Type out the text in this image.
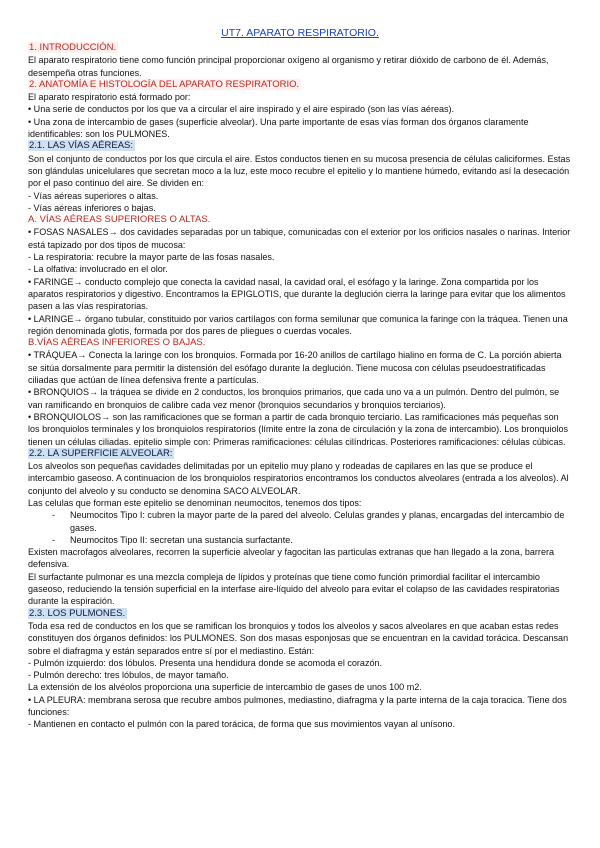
UT7. APARATO RESPIRATORIO.
1. INTRODUCCIÓN.

El aparato respiratorio tiene como función principal proporcionar oxígeno al organismo y retirar dióxido de carbono de él. Además, desempeña otras funciones.

2. ANATOMÍA E HISTOLOGÍA DEL APARATO RESPIRATORIO.

El aparato respiratorio está formado por:

• Una serie de conductos por los que va a circular el aire inspirado y el aire espirado (son las vías aéreas).

• Una zona de intercambio de gases (superficie alveolar). Una parte importante de esas vías forman dos órganos claramente identificables: son los PULMONES.

2.1. LAS VÍAS AÉREAS:

Son el conjunto de conductos por los que circula el aire. Estos conductos tienen en su mucosa presencia de células caliciformes. Estas son glándulas unicelulares que secretan moco a la luz, este moco recubre el epitelio y lo mantiene húmedo, evitando así la desecación por el paso continuo del aire. Se dividen en:

- Vías aéreas superiores o altas.

- Vías aéreas inferiores o bajas.

A. VÍAS AÉREAS SUPERIORES O ALTAS.

• FOSAS NASALES→ dos cavidades separadas por un tabique, comunicadas con el exterior por los orificios nasales o narinas. Interior está tapizado por dos tipos de mucosa:

- La respiratoria: recubre la mayor parte de las fosas nasales.

- La olfativa: involucrado en el olor.

• FARINGE→ conducto complejo que conecta la cavidad nasal, la cavidad oral, el esófago y la laringe. Zona compartida por los aparatos respiratorios y digestivo. Encontramos la EPIGLOTIS, que durante la deglución cierra la laringe para evitar que los alimentos pasen a las vías respiratorias.

• LARINGE→ órgano tubular, constituido por varios cartílagos con forma semilunar que comunica la faringe con la tráquea. Tienen una región denominada glotis, formada por dos pares de pliegues o cuerdas vocales.

B.VÍAS AÉREAS INFERIORES O BAJAS.

• TRÁQUEA→ Conecta la laringe con los bronquios. Formada por 16-20 anillos de cartílago hialino en forma de C. La porción abierta se sitúa dorsalmente para permitir la distensión del esófago durante la deglución. Tiene mucosa con células pseudoestratificadas ciliadas que actúan de línea defensiva frente a partículas.

• BRONQUIOS→ la tráquea se divide en 2 conductos, los bronquios primarios, que cada uno va a un pulmón. Dentro del pulmón, se van ramificando en bronquios de calibre cada vez menor (bronquios secundarios y bronquios terciarios).

• BRONQUIOLOS→ son las ramificaciones que se forman a partir de cada bronquio terciario. Las ramificaciones más pequeñas son los bronquiolos terminales y los bronquiolos respiratorios (límite entre la zona de circulación y la zona de intercambio). Los bronquiolos tienen un células ciliadas. epitelio simple con: Primeras ramificaciones: células cilíndricas. Posteriores ramificaciones: células cúbicas.

2.2. LA SUPERFICIE ALVEOLAR:

Los alveolos son pequeñas cavidades delimitadas por un epitelio muy plano y rodeadas de capilares en las que se produce el intercambio gaseoso. A continuacion de los bronquiolos respiratorios encontramos los conductos alveolares (entrada a los alveolos). Al conjunto del alveolo y su conducto se denomina SACO ALVEOLAR.

Las celulas que forman este epitelio se denominan neumocitos, tenemos dos tipos:

- Neumocitos Tipo I: cubren la mayor parte de la pared del alveolo. Celulas grandes y planas, encargadas del intercambio de gases.

- Neumocitos Tipo II: secretan una sustancia surfactante.

Existen macrofagos alveolares, recorren la superficie alveolar y fagocitan las particulas extranas que han llegado a la zona, barrera defensiva.

El surfactante pulmonar es una mezcla compleja de lípidos y proteínas que tiene como función primordial facilitar el intercambio gaseoso, reduciendo la tensión superficial en la interfase aire-líquido del alveolo para evitar el colapso de las cavidades respiratorias durante la espiración.

2.3. LOS PULMONES.

Toda esa red de conductos en los que se ramifican los bronquios y todos los alveolos y sacos alveolares en que acaban estas redes constituyen dos órganos definidos: los PULMONES. Son dos masas esponjosas que se encuentran en la cavidad torácica. Descansan sobre el diafragma y están separados entre sí por el mediastino. Están:

- Pulmón izquierdo: dos lóbulos. Presenta una hendidura donde se acomoda el corazón.

- Pulmón derecho: tres lóbulos, de mayor tamaño.

La extensión de los alvéolos proporciona una superficie de intercambio de gases de unos 100 m2.

• LA PLEURA: membrana serosa que recubre ambos pulmones, mediastino, diafragma y la parte interna de la caja toracica. Tiene dos funciones:

- Mantienen en contacto el pulmón con la pared torácica, de forma que sus movimientos vayan al unísono.
